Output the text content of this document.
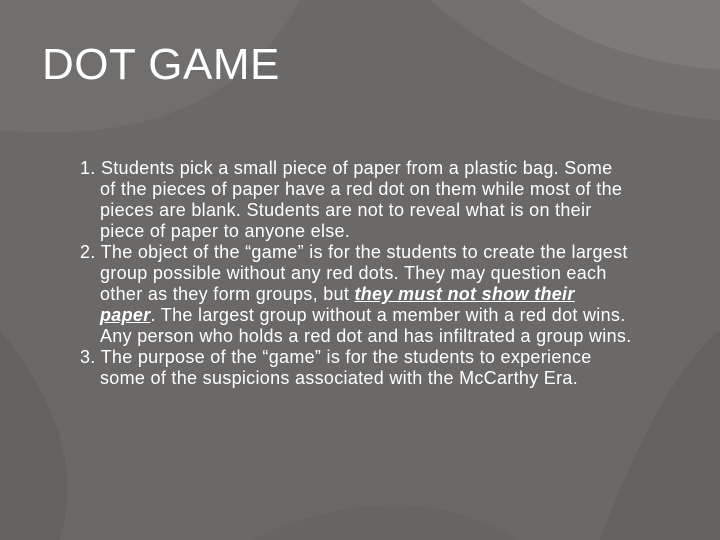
DOT GAME
1. Students pick a small piece of paper from a plastic bag. Some of the pieces of paper have a red dot on them while most of the pieces are blank. Students are not to reveal what is on their piece of paper to anyone else.
2. The object of the “game” is for the students to create the largest group possible without any red dots. They may question each other as they form groups, but they must not show their paper. The largest group without a member with a red dot wins. Any person who holds a red dot and has infiltrated a group wins.
3. The purpose of the “game” is for the students to experience some of the suspicions associated with the McCarthy Era.
